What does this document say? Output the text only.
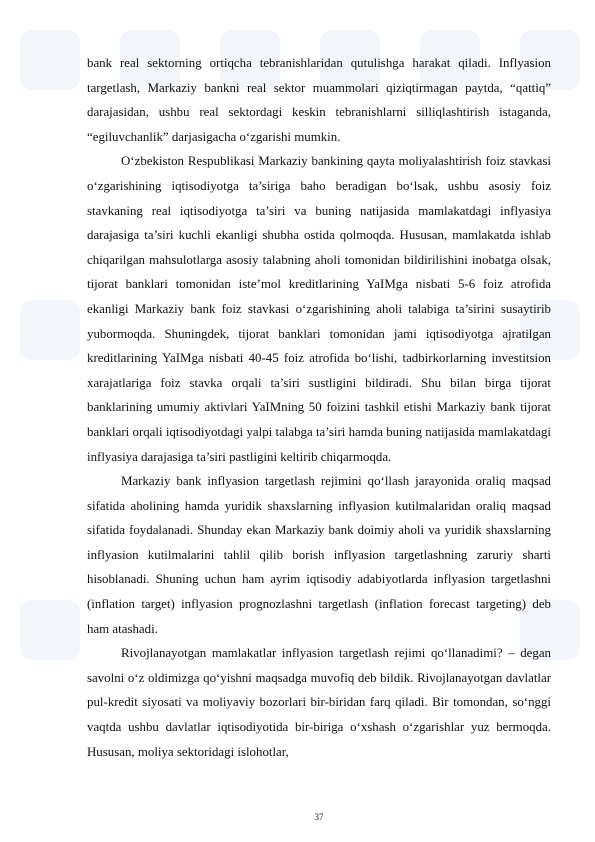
bank real sektorning ortiqcha tebranishlaridan qutulishga harakat qiladi. Inflyasion targetlash, Markaziy bankni real sektor muammolari qiziqtirmagan paytda, “qattiq” darajasidan, ushbu real sektordagi keskin tebranishlarni silliqlashtirish istaganda, “egiluvchanlik” darjasigacha o‘zgarishi mumkin.

O‘zbekiston Respublikasi Markaziy bankining qayta moliyalashtirish foiz stavkasi o‘zgarishining iqtisodiyotga ta’siriga baho beradigan bo‘lsak, ushbu asosiy foiz stavkaning real iqtisodiyotga ta’siri va buning natijasida mamlakatdagi inflyasiya darajasiga ta’siri kuchli ekanligi shubha ostida qolmoqda. Hususan, mamlakatda ishlab chiqarilgan mahsulotlarga asosiy talabning aholi tomonidan bildirilishini inobatga olsak, tijorat banklari tomonidan iste’mol kreditlarining YaIMga nisbati 5-6 foiz atrofida ekanligi Markaziy bank foiz stavkasi o‘zgarishining aholi talabiga ta’sirini susaytirib yubormoqda. Shuningdek, tijorat banklari tomonidan jami iqtisodiyotga ajratilgan kreditlarining YaIMga nisbati 40-45 foiz atrofida bo‘lishi, tadbirkorlarning investitsion xarajatlariga foiz stavka orqali ta’siri sustligini bildiradi. Shu bilan birga tijorat banklarining umumiy aktivlari YaIMning 50 foizini tashkil etishi Markaziy bank tijorat banklari orqali iqtisodiyotdagi yalpi talabga ta’siri hamda buning natijasida mamlakatdagi inflyasiya darajasiga ta’siri pastligini keltirib chiqarmoqda.

Markaziy bank inflyasion targetlash rejimini qo‘llash jarayonida oraliq maqsad sifatida aholining hamda yuridik shaxslarning inflyasion kutilmalaridan oraliq maqsad sifatida foydalanadi. Shunday ekan Markaziy bank doimiy aholi va yuridik shaxslarning inflyasion kutilmalarini tahlil qilib borish inflyasion targetlashning zaruriy sharti hisoblanadi. Shuning uchun ham ayrim iqtisodiy adabiyotlarda inflyasion targetlashni (inflation target) inflyasion prognozlashni targetlash (inflation forecast targeting) deb ham atashadi.

Rivojlanayotgan mamlakatlar inflyasion targetlash rejimi qo‘llanadimi? – degan savolni o‘z oldimizga qo‘yishni maqsadga muvofiq deb bildik. Rivojlanayotgan davlatlar pul-kredit siyosati va moliyaviy bozorlari bir-biridan farq qiladi. Bir tomondan, so‘nggi vaqtda ushbu davlatlar iqtisodiyotida bir-biriga o‘xshash o‘zgarishlar yuz bermoqda. Hususan, moliya sektoridagi islohotlar,

37
